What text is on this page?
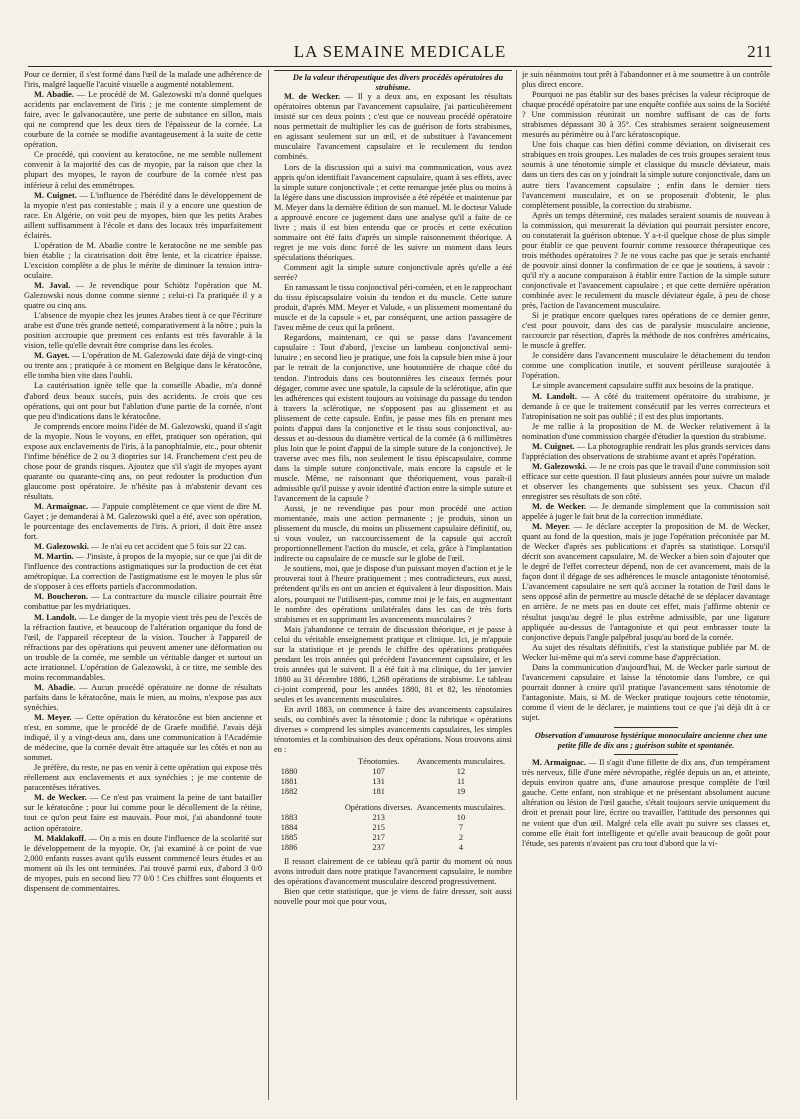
LA SEMAINE MEDICALE	211

Pour ce dernier, il s'est formé dans l'œil de la malade une adhérence de l'iris, malgré laquelle l'acuité visuelle a augmenté notablement.

M. Abadie. — Le procédé de M. Galezowski m'a donné quelques accidents par enclavement de l'iris ; je me contente simplement de faire, avec le galvanocautère, une perte de substance en sillon, mais qui ne comprend que les deux tiers de l'épaisseur de la cornée. La courbure de la cornée se modifie avantageusement à la suite de cette opération.

Ce procédé, qui convient au keratocône, ne me semble nullement convenir à la majorité des cas de myopie, par la raison que chez la plupart des myopes, le rayon de courbure de la cornée n'est pas inférieur à celui des emmétropes.

M. Cuignet. — L'influence de l'hérédité dans le développement de la myopie n'est pas contestable ; mais il y a encore une question de race. En Algérie, on voit peu de myopes, bien que les petits Arabes aillent suffisamment à l'école et dans des locaux très imparfaitement éclairés.

L'opération de M. Abadie contre le keratocône ne me semble pas bien établie ; la cicatrisation doit être lente, et la cicatrice épaisse. L'excision complète a de plus le mérite de diminuer la tension intra-oculaire.

M. Javal. — Je revendique pour Schiötz l'opération que M. Galezowski nous donne comme sienne ; celui-ci l'a pratiquée il y a quatre ou cinq ans.

L'absence de myopie chez les jeunes Arabes tient à ce que l'écriture arabe est d'une très grande netteté, comparativement à la nôtre ; puis la position accroupie que prennent ces enfants est très favorable à la vision, telle qu'elle devrait être comprise dans les écoles.

M. Gayet. — L'opération de M. Galezowski date déjà de vingt-cinq ou trente ans ; pratiquée à ce moment en Belgique dans le kératocône, elle tomba bien vite dans l'oubli.

La cautérisation ignée telle que la conseille Abadie, m'a donné d'abord deux beaux succès, puis des accidents. Je crois que ces opérations, qui ont pour but l'ablation d'une partie de la cornée, n'ont que peu d'indications dans le kératocône.

Je comprends encore moins l'idée de M. Galezowski, quand il s'agit de la myopie. Nous le voyons, en effet, pratiquer son opération, qui expose aux enclavements de l'iris, à la panophtalmie, etc., pour obtenir l'infime bénéfice de 2 ou 3 dioptries sur 14. Franchement c'est peu de chose pour de grands risques. Ajoutez que s'il s'agit de myopes ayant quarante ou quarante-cinq ans, on peut redouter la production d'un glaucome post opératoire. Je n'hésite pas à m'abstenir devant ces résultats.

M. Armaignac. — J'appuie complètement ce que vient de dire M. Gayet ; je demanderai à M. Galezowski quel a été, avec son opération, le pourcentage des enclavements de l'iris. A priori, il doit être assez fort.

M. Galezowski. — Je n'ai eu cet accident que 5 fois sur 22 cas.

M. Martin. — J'insiste, à propos de la myopie, sur ce que j'ai dit de l'influence des contractions astigmatiques sur la production de cet état amétropique. La correction de l'astigmatisme est le moyen le plus sûr de s'opposer à ces efforts partiels d'accommodation.

M. Boucheron. — La contracture du muscle ciliaire pourrait être combattue par les mydriatiques.

M. Landolt. — Le danger de la myopie vient très peu de l'excès de la réfraction fautive, et beaucoup de l'altération organique du fond de l'œil, de l'appareil récepteur de la vision. Toucher à l'appareil de réfractions par des opérations qui peuvent amener une déformation ou un trouble de la cornée, me semble un véritable danger et surtout un acte irrationnel. L'opération de Galezowski, à ce titre, me semble des moins recommandables.

M. Abadie. — Aucun procédé opératoire ne donne de résultats parfaits dans le kératocône, mais le mien, au moins, n'expose pas aux synéchies.

M. Meyer. — Cette opération du kératocône est bien ancienne et n'est, en somme, que le procédé de de Graefe modifié. J'avais déjà indiqué, il y a vingt-deux ans, dans une communication à l'Académie de médecine, que la cornée devait être attaquée sur les côtés et non au sommet.

Je préfère, du reste, ne pas en venir à cette opération qui expose très réellement aux enclavements et aux synéchies ; je me contente de paracentèses itératives.

M. de Wecker. — Ce n'est pas vraiment la peine de tant batailler sur le kératocône ; pour lui comme pour le décollement de la rétine, tout ce qu'on peut faire est mauvais. Pour moi, j'ai abandonné toute action opératoire.

M. Maklakoff. — On a mis en doute l'influence de la scolarité sur le développement de la myopie. Or, j'ai examiné à ce point de vue 2,000 enfants russes avant qu'ils eussent commencé leurs études et au moment où ils les ont terminées. J'ai trouvé parmi eux, d'abord 3 0/0 de myopes, puis en second lieu 77 0/0 ! Ces chiffres sont éloquents et dispensent de commentaires.

De la valeur thérapeutique des divers procédés opératoires du strabisme.

M. de Wecker. — Il y a deux ans, en exposant les résultats opératoires obtenus par l'avancement capsulaire, j'ai particulièrement insisté sur ces deux points ; c'est que ce nouveau procédé opératoire nous permettait de multiplier les cas de guérison de forts strabismes, en agissant seulement sur un œil, et de substituer à l'avancement musculaire l'avancement capsulaire et le reculement du tendon combinés.

Lors de la discussion qui a suivi ma communication, vous avez appris qu'on identifiait l'avancement capsulaire, quant à ses effets, avec la simple suture conjonctivale ; et cette remarque jetée plus ou moins à la légère dans une discussion improvisée a été répétée et maintenue par M. Meyer dans la dernière édition de son manuel. M. le docteur Valude a approuvé encore ce jugement dans une analyse qu'il a faite de ce livre ; mais il est bien entendu que ce procès et cette exécution sommaire ont été faits d'après un simple raisonnement théorique. A regret je me vois donc forcé de les suivre un moment dans leurs spéculations théoriques.

Comment agit la simple suture conjonctivale après qu'elle a été serrée?

En ramassant le tissu conjonctival péri-cornéen, et en le rapprochant du tissu épiscapsulaire voisin du tendon et du muscle. Cette suture produit, d'après MM. Meyer et Valude, « un plissement momentané du muscle et de la capsule » et, par conséquent, une action passagère de l'aveu même de ceux qui la prônent.

Regardons, maintenant, ce qui se passe dans l'avancement capsulaire : Tout d'abord, j'excise un lambeau conjonctival semi-lunaire ; en second lieu je pratique, une fois la capsule bien mise à jour par le retrait de la conjonctive, une boutonnière de chaque côté du tendon. J'introduis dans ces boutonnières les ciseaux fermés pour dégager, comme avec une spatule, la capsule de la sclérotique, afin que les adhérences qui existent toujours au voisinage du passage du tendon à travers la sclérotique, ne s'opposent pas au glissement et au plissement de cette capsule. Enfin, je passe mes fils en prenant mes points d'appui dans la conjonctive et le tissu sous conjonctival, au-dessus et au-dessous du diamètre vertical de la cornée (à 6 millimètres plus loin que le point d'appui de la simple suture de la conjonctive). Je traverse avec mes fils, non seulement le tissu épiscapsulaire, comme dans la simple suture conjonctivale, mais encore la capsule et le muscle. Même, ne raisonnant que théoriquement, vous paraît-il admissible qu'il puisse y avoir identité d'action entre la simple suture et l'avancement de la capsule ?

Aussi, je ne revendique pas pour mon procédé une action momentanée, mais une action permanente ; je produis, sinon un plissement du muscle, du moins un plissement capsulaire définitif, ou, si vous voulez, un raccourcissement de la capsule qui accroît proportionnellement l'action du muscle, et cela, grâce à l'implantation indirecte ou capsulaire de ce muscle sur le globe de l'œil.

Je soutiens, moi, que je dispose d'un puissant moyen d'action et je le prouverai tout à l'heure pratiquement ; mes contradicteurs, eux aussi, prétendent qu'ils en ont un ancien et équivalent à leur disposition. Mais alors, pourquoi ne l'utilisent-pas, comme moi je le fais, en augmentant le nombre des opérations unilatérales dans les cas de très forts strabismes et en supprimant les avancements musculaires ?

Mais j'abandonne ce terrain de discussion théorique, et je passe à celui du véritable enseignement pratique et clinique. Ici, je m'appuie sur la statistique et je prends le chiffre des opérations pratiquées pendant les trois années qui précèdent l'avancement capsulaire, et les trois années qui le suivent. Il a été fait à ma clinique, du 1er janvier 1880 au 31 décembre 1886, 1,268 opérations de strabisme. Le tableau ci-joint comprend, pour les années 1880, 81 et 82, les ténotomies seules et les avancements musculaires.

En avril 1883, on commence à faire des avancements capsulaires seuls, ou combinés avec la ténotomie ; donc la rubrique « opérations diverses » comprend les simples avancements capsulaires, les simples ténotomies et la combinaison des deux opérations. Nous trouvons ainsi en :

	Ténotomies.	Avancements musculaires.
1880	107	12
1881	131	11
1882	181	19

	Opérations diverses.	Avancements musculaires.
1883	213	10
1884	215	7
1885	217	2
1886	237	4

Il ressort clairement de ce tableau qu'à partir du moment où nous avons introduit dans notre pratique l'avancement capsulaire, le nombre des opérations d'avancement musculaire descend progressivement.

Bien que cette statistique, que je viens de faire dresser, soit aussi nouvelle pour moi que pour vous,

je suis néanmoins tout prêt à l'abandonner et à me soumettre à un contrôle plus direct encore.

Pourquoi ne pas établir sur des bases précises la valeur réciproque de chaque procédé opératoire par une enquête confiée aux soins de la Société ? Une commission réunirait un nombre suffisant de cas de forts strabismes dépassant 30 à 35°. Ces strabismes seraient soigneusement mesurés au périmètre ou à l'arc kératoscopique.

Une fois chaque cas bien défini comme déviation, on diviserait ces strabiques en trois groupes. Les malades de ces trois groupes seraient tous soumis à une ténotomie simple et classique du muscle déviateur, mais dans un tiers des cas on y joindrait la simple suture conjonctivale, dans un autre tiers l'avancement capsulaire ; enfin dans le dernier tiers l'avancement musculaire, et on se proposerait d'obtenir, le plus complètement possible, la correction du strabisme.

Après un temps déterminé, ces malades seraient soumis de nouveau à la commission, qui mesurerait la déviation qui pourrait persister encore, ou constaterait la guérison obtenue. Y a-t-il quelque chose de plus simple pour établir ce que peuvent fournir comme ressource thérapeutique ces trois méthodes opératoires ? Je ne vous cache pas que je serais enchanté de pouvoir ainsi donner la confirmation de ce que je soutiens, à savoir : qu'il n'y a aucune comparaison à établir entre l'action de la simple suture conjonctivale et l'avancement capsulaire ; et que cette dernière opération combinée avec le reculement du muscle déviateur égale, à peu de chose près, l'action de l'avancement musculaire.

Si je pratique encore quelques rares opérations de ce dernier genre, c'est pour pouvoir, dans des cas de paralysie musculaire ancienne, raccourcir par résection, d'après la méthode de nos confrères américains, le muscle à greffer.

Je considère dans l'avancement musculaire le détachement du tendon comme une complication inutile, et souvent périlleuse surajoutée à l'opération.

Le simple avancement capsulaire suffit aux besoins de la pratique.

M. Landolt. — A côté du traitement opératoire du strabisme, je demande à ce que le traitement consécutif par les verres correcteurs et l'atropinisation ne soit pas oublié ; il est des plus importants.

Je me rallie à la proposition de M. de Wecker relativement à la nomination d'une commission chargée d'étudier la question du strabisme.

M. Cuignet. — La photographie rendrait les plus grands services dans l'appréciation des observations de strabisme avant et après l'opération.

M. Galezowski. — Je ne crois pas que le travail d'une commission soit efficace sur cette question. Il faut plusieurs années pour suivre un malade et observer les changements que subissent ses yeux. Chacun d'il enregistrer ses résultats de son côté.

M. de Wecker. — Je demande simplement que la commission soit appelée à juger le fait brut de la correction immédiate.

M. Meyer. — Je déclare accepter la proposition de M. de Wecker, quant au fond de la question, mais je juge l'opération préconisée par M. de Wecker d'après ses publications et d'après sa statistique. Lorsqu'il décrit son avancement capsulaire, M. de Wecker a bien soin d'ajouter que le degré de l'effet correcteur dépend, non de cet avancement, mais de la façon dont il dégage de ses adhérences le muscle antagoniste ténotomisé. L'avancement capsulaire ne sert qu'à accuser la rotation de l'œil dans le sens opposé afin de permettre au muscle détaché de se déplacer davantage en arrière. Je ne mets pas en doute cet effet, mais j'affirme obtenir ce résultat jusqu'au degré le plus extrême admissible, par une ligature appliquée au-dessus de l'antagoniste et qui peut embrasser toute la conjonctive depuis l'angle palpébral jusqu'au bord de la cornée.

Au sujet des résultats définitifs, c'est la statistique publiée par M. de Wecker lui-même qui m'a servi comme base d'appréciation.

Dans la communication d'aujourd'hui, M. de Wecker parle surtout de l'avancement capsulaire et laisse la ténotomie dans l'ombre, ce qui pourrait donner à croire qu'il pratique l'avancement sans ténotomie de l'antagoniste. Mais, si M. de Wecker pratique toujours cette ténotomie, comme il vient de le déclarer, je maintiens tout ce que j'ai déjà dit à ce sujet.

Observation d'amaurose hystérique monoculaire ancienne chez une petite fille de dix ans ; guérison subite et spontanée.

M. Armaignac. — Il s'agit d'une fillette de dix ans, d'un tempérament très nerveux, fille d'une mère névropathe, réglée depuis un an, et atteinte, depuis environ quatre ans, d'une amaurose presque complète de l'œil gauche. Cette enfant, non strabique et ne présentant absolument aucune altération ou lésion de l'œil gauche, s'était toujours servie uniquement du droit et prenait pour lire, écrire ou travailler, l'attitude des personnes qui ne voient que d'un œil. Malgré cela elle avait pu suivre ses classes et, comme elle était fort intelligente et qu'elle avait beaucoup de goût pour l'étude, ses parents n'avaient pas cru tout d'abord que la vi-
